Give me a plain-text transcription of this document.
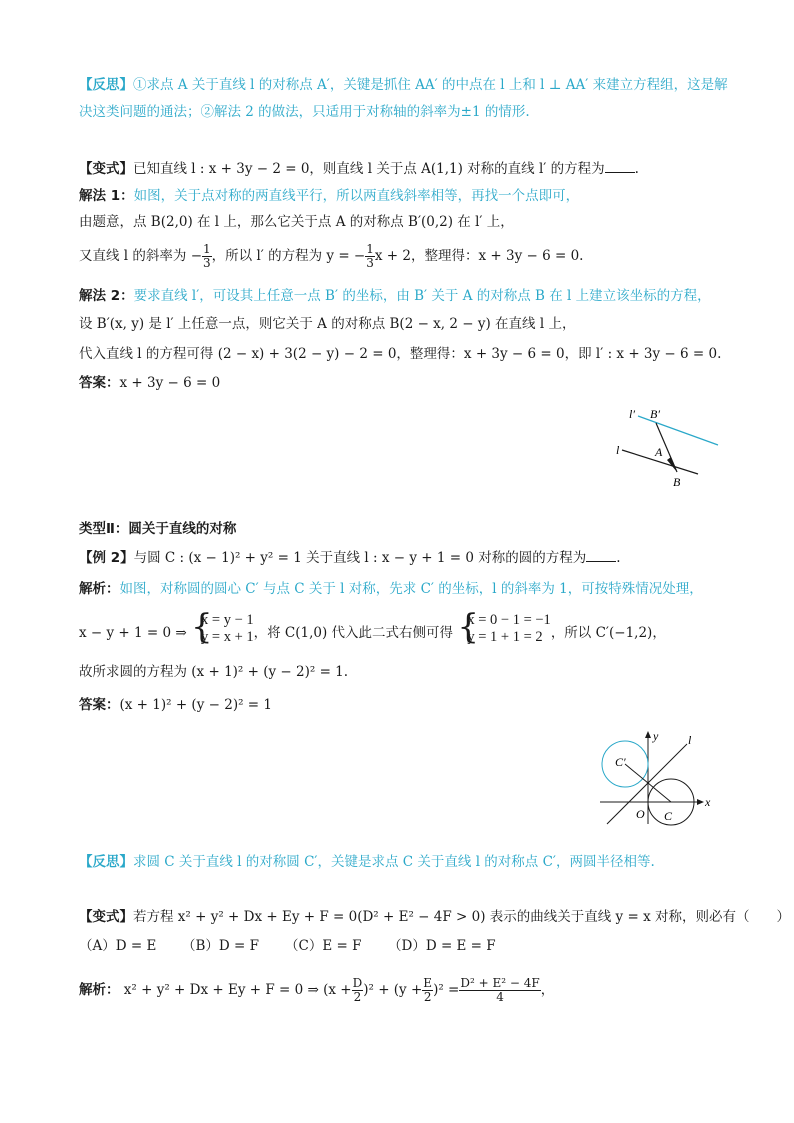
【反思】①求点 A 关于直线 l 的对称点 A′，关键是抓住 AA′ 的中点在 l 上和 l ⊥ AA′ 来建立方程组，这是解
决这类问题的通法；②解法 2 的做法，只适用于对称轴的斜率为±1 的情形.
【变式】已知直线 l : x + 3y − 2 = 0，则直线 l 关于点 A(1,1) 对称的直线 l′ 的方程为 .
解法 1：如图，关于点对称的两直线平行，所以两直线斜率相等，再找一个点即可，
由题意，点 B(2,0) 在 l 上，那么它关于点 A 的对称点 B′(0,2) 在 l′ 上，
又直线 l 的斜率为 − $\frac{1}{3}$ ，所以 l′ 的方程为 y = − $\frac{1}{3}$ x + 2，整理得：x + 3y − 6 = 0.
解法 2：要求直线 l′，可设其上任意一点 B′ 的坐标，由 B′ 关于 A 的对称点 B 在 l 上建立该坐标的方程，
设 B′(x, y) 是 l′ 上任意一点，则它关于 A 的对称点 B(2 − x, 2 − y) 在直线 l 上，
代入直线 l 的方程可得 (2 − x) + 3(2 − y) − 2 = 0，整理得：x + 3y − 6 = 0，即 l′ : x + 3y − 6 = 0.
答案：x + 3y − 6 = 0
l′ B′
l	A
B
类型Ⅱ：圆关于直线的对称
【例 2】与圆 C : (x − 1)² + y² = 1 关于直线 l : x − y + 1 = 0 对称的圆的方程为 .
解析：如图，对称圆的圆心 C′ 与点 C 关于 l 对称，先求 C′ 的坐标，l 的斜率为 1，可按特殊情况处理，
x − y + 1 = 0 ⇒ {
x = y − 1
y = x + 1 ，将 C(1,0) 代入此二式右侧可得 {
x = 0 − 1 = −1
y = 1 + 1 = 2 ，所以 C′(−1,2)，
故所求圆的方程为 (x + 1)² + (y − 2)² = 1.
答案：(x + 1)² + (y − 2)² = 1
y
x
l
O C
C′
【反思】求圆 C 关于直线 l 的对称圆 C′，关键是求点 C 关于直线 l 的对称点 C′，两圆半径相等.
【变式】若方程 x² + y² + Dx + Ey + F = 0(D² + E² − 4F > 0) 表示的曲线关于直线 y = x 对称，则必有（　　）
（A）D = E （B）D = F （C）E = F （D）D = E = F
解析： x² + y² + Dx + Ey + F = 0 ⇒ $(x + \frac{D}{2} )^2 + (y + \frac{E}{2} )^2 = \frac{\text{D² + E² − 4F}}{4}$ ，
